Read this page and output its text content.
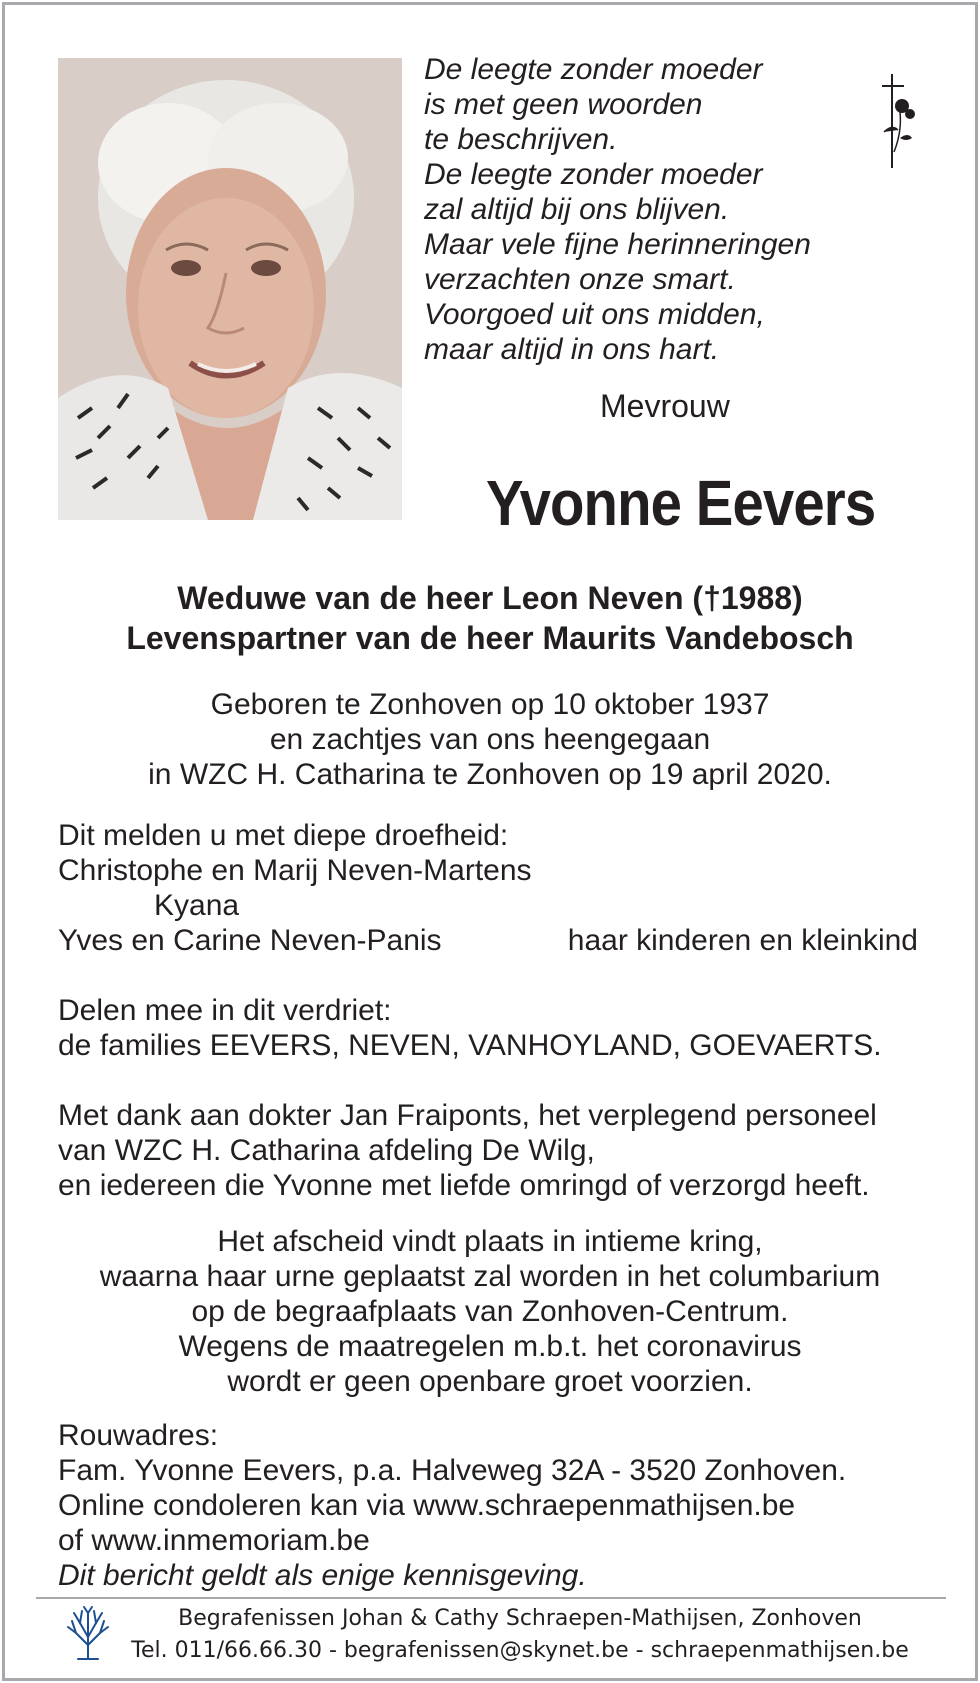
De leegte zonder moeder
is met geen woorden
te beschrijven.
De leegte zonder moeder
zal altijd bij ons blijven.
Maar vele fijne herinneringen
verzachten onze smart.
Voorgoed uit ons midden,
maar altijd in ons hart.
Mevrouw
Yvonne Eevers
Weduwe van de heer Leon Neven (†1988)
Levenspartner van de heer Maurits Vandebosch
Geboren te Zonhoven op 10 oktober 1937
en zachtjes van ons heengegaan
in WZC H. Catharina te Zonhoven op 19 april 2020.
Dit melden u met diepe droefheid:
Christophe en Marij Neven-Martens
Kyana
Yves en Carine Neven-Panis	haar kinderen en kleinkind
Delen mee in dit verdriet:
de families EEVERS, NEVEN, VANHOYLAND, GOEVAERTS.
Met dank aan dokter Jan Fraiponts, het verplegend personeel
van WZC H. Catharina afdeling De Wilg,
en iedereen die Yvonne met liefde omringd of verzorgd heeft.
Het afscheid vindt plaats in intieme kring,
waarna haar urne geplaatst zal worden in het columbarium
op de begraafplaats van Zonhoven-Centrum.
Wegens de maatregelen m.b.t. het coronavirus
wordt er geen openbare groet voorzien.
Rouwadres:
Fam. Yvonne Eevers, p.a. Halveweg 32A - 3520 Zonhoven.
Online condoleren kan via www.schraepenmathijsen.be
of www.inmemoriam.be
Dit bericht geldt als enige kennisgeving.
Begrafenissen Johan & Cathy Schraepen-Mathijsen, Zonhoven
Tel. 011/66.66.30 - begrafenissen@skynet.be - schraepenmathijsen.be
